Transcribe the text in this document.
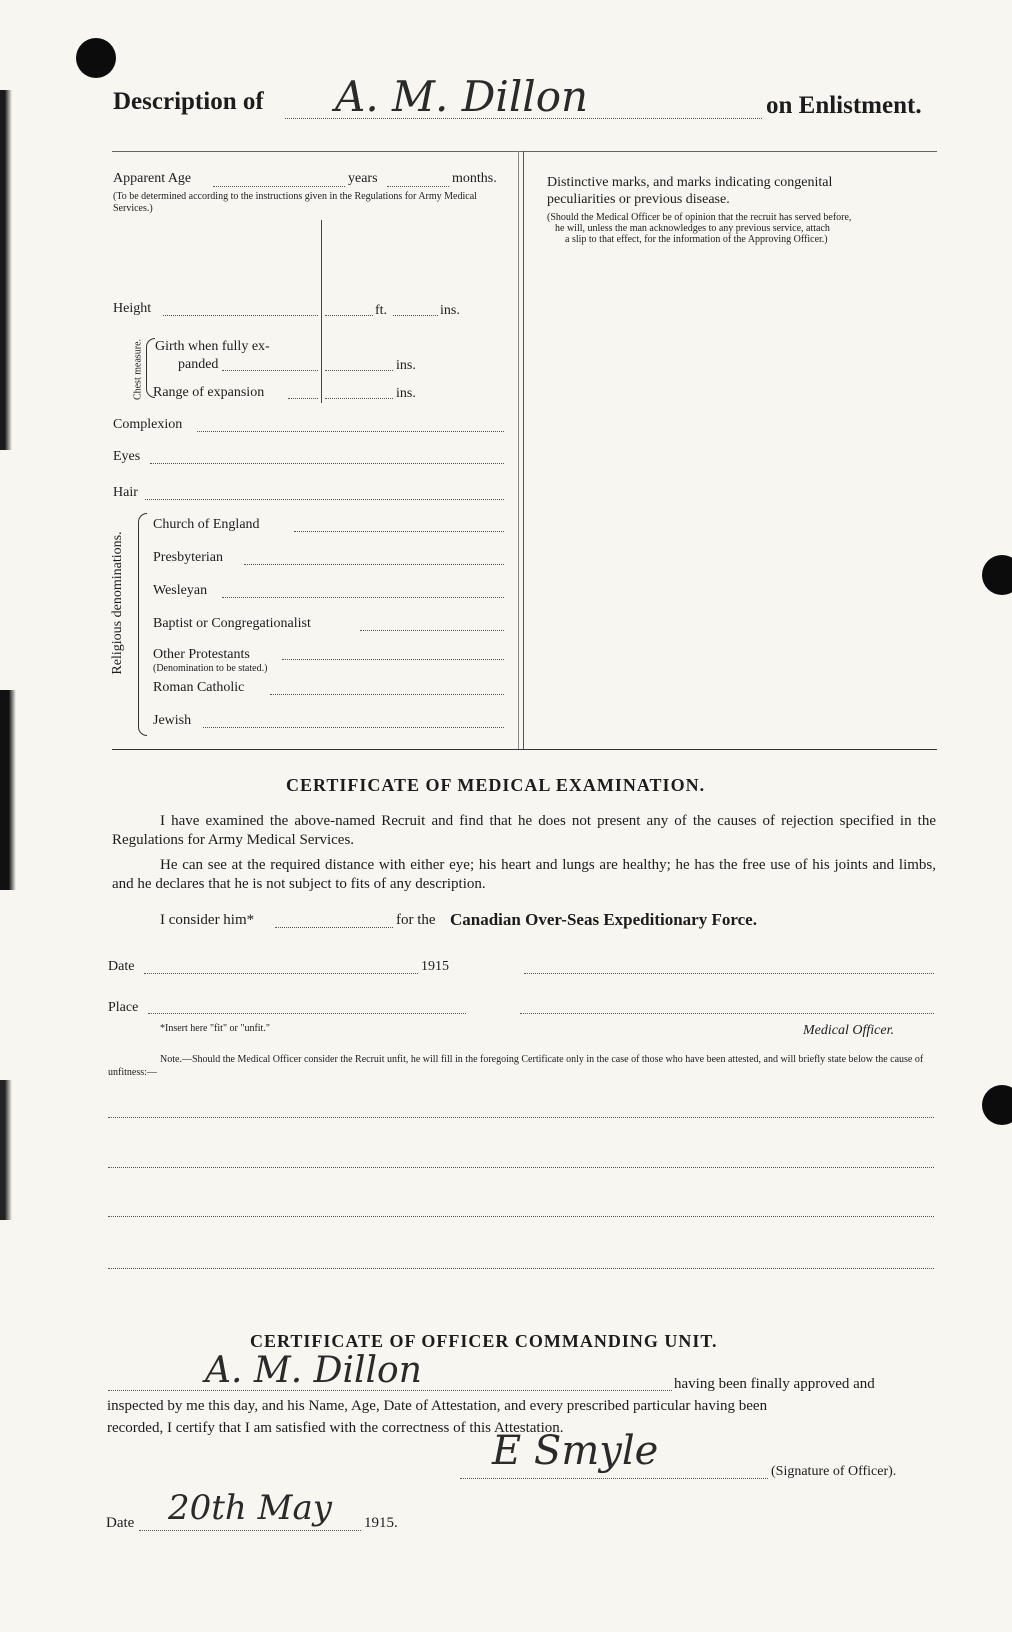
Description of A. M. Dillon	on Enlistment.
Apparent Age	years	months.
(To be determined according to the instructions given in the Regulations for Army Medical Services.)
Height	ft.	ins.
Chest measure. Girth when fully ex-
panded	ins.
Range of expansion	ins.
Complexion
Eyes
Hair
Religious denominations.
Church of England
Presbyterian
Wesleyan
Baptist or Congregationalist
Other Protestants
(Denomination to be stated.)
Roman Catholic
Jewish
Distinctive marks, and marks indicating congenital
peculiarities or previous disease.
(Should the Medical Officer be of opinion that the recruit has served before,
he will, unless the man acknowledges to any previous service, attach
a slip to that effect, for the information of the Approving Officer.)
CERTIFICATE OF MEDICAL EXAMINATION.
I have examined the above-named Recruit and find that he does not present any of the causes of rejection specified in the Regulations for Army Medical Services.
He can see at the required distance with either eye; his heart and lungs are healthy; he has the free use of his joints and limbs, and he declares that he is not subject to fits of any description.
I consider him*	for the Canadian Over-Seas Expeditionary Force.
Date	1915
Place
*Insert here "fit" or "unfit."	Medical Officer.
Note.—Should the Medical Officer consider the Recruit unfit, he will fill in the foregoing Certificate only in the case of those who have been attested, and will briefly state below the cause of unfitness:—
CERTIFICATE OF OFFICER COMMANDING UNIT.
A. M. Dillon	having been finally approved and
inspected by me this day, and his Name, Age, Date of Attestation, and every prescribed particular having been
recorded, I certify that I am satisfied with the correctness of this Attestation.
E Smyle	(Signature of Officer).
Date 20th May 1915.
